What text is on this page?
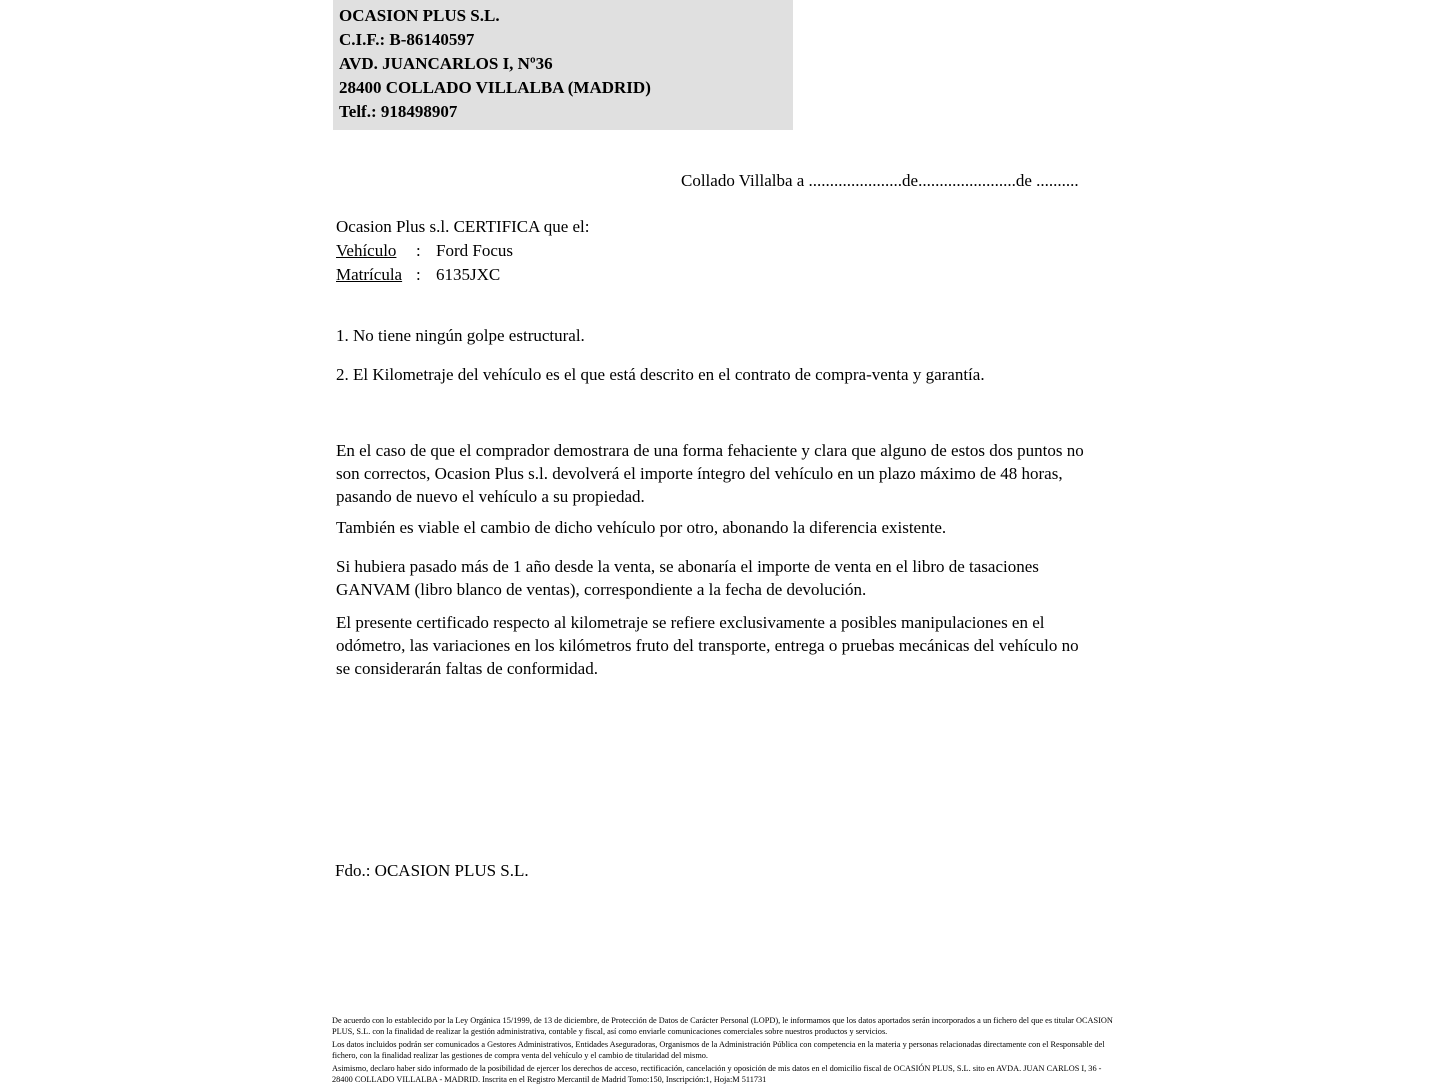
OCASION PLUS S.L.
C.I.F.: B-86140597
AVD. JUANCARLOS I, Nº36
28400 COLLADO VILLALBA (MADRID)
Telf.: 918498907
Collado Villalba a ......................de.......................de ..........
Ocasion Plus s.l. CERTIFICA que el:
Vehículo : Ford Focus
Matrícula : 6135JXC
1. No tiene ningún golpe estructural.
2. El Kilometraje del vehículo es el que está descrito en el contrato de compra-venta y garantía.
En el caso de que el comprador demostrara de una forma fehaciente y clara que alguno de estos dos puntos no son correctos, Ocasion Plus s.l. devolverá el importe íntegro del vehículo en un plazo máximo de 48 horas, pasando de nuevo el vehículo a su propiedad.
También es viable el cambio de dicho vehículo por otro, abonando la diferencia existente.
Si hubiera pasado más de 1 año desde la venta, se abonaría el importe de venta en el libro de tasaciones GANVAM (libro blanco de ventas), correspondiente a la fecha de devolución.
El presente certificado respecto al kilometraje se refiere exclusivamente a posibles manipulaciones en el odómetro, las variaciones en los kilómetros fruto del transporte, entrega o pruebas mecánicas del vehículo no se considerarán faltas de conformidad.
Fdo.: OCASION PLUS S.L.

De acuerdo con lo establecido por la Ley Orgánica 15/1999, de 13 de diciembre, de Protección de Datos de Carácter Personal (LOPD), le informamos que los datos aportados serán incorporados a un fichero del que es titular OCASION PLUS, S.L. con la finalidad de realizar la gestión administrativa, contable y fiscal, así como enviarle comunicaciones comerciales sobre nuestros productos y servicios.

Los datos incluidos podrán ser comunicados a Gestores Administrativos, Entidades Aseguradoras, Organismos de la Administración Pública con competencia en la materia y personas relacionadas directamente con el Responsable del fichero, con la finalidad realizar las gestiones de compra venta del vehículo y el cambio de titularidad del mismo.

Asimismo, declaro haber sido informado de la posibilidad de ejercer los derechos de acceso, rectificación, cancelación y oposición de mis datos en el domicilio fiscal de OCASIÓN PLUS, S.L. sito en AVDA. JUAN CARLOS I, 36 - 28400 COLLADO VILLALBA - MADRID. Inscrita en el Registro Mercantil de Madrid Tomo:150, Inscripción:1, Hoja:M 511731
